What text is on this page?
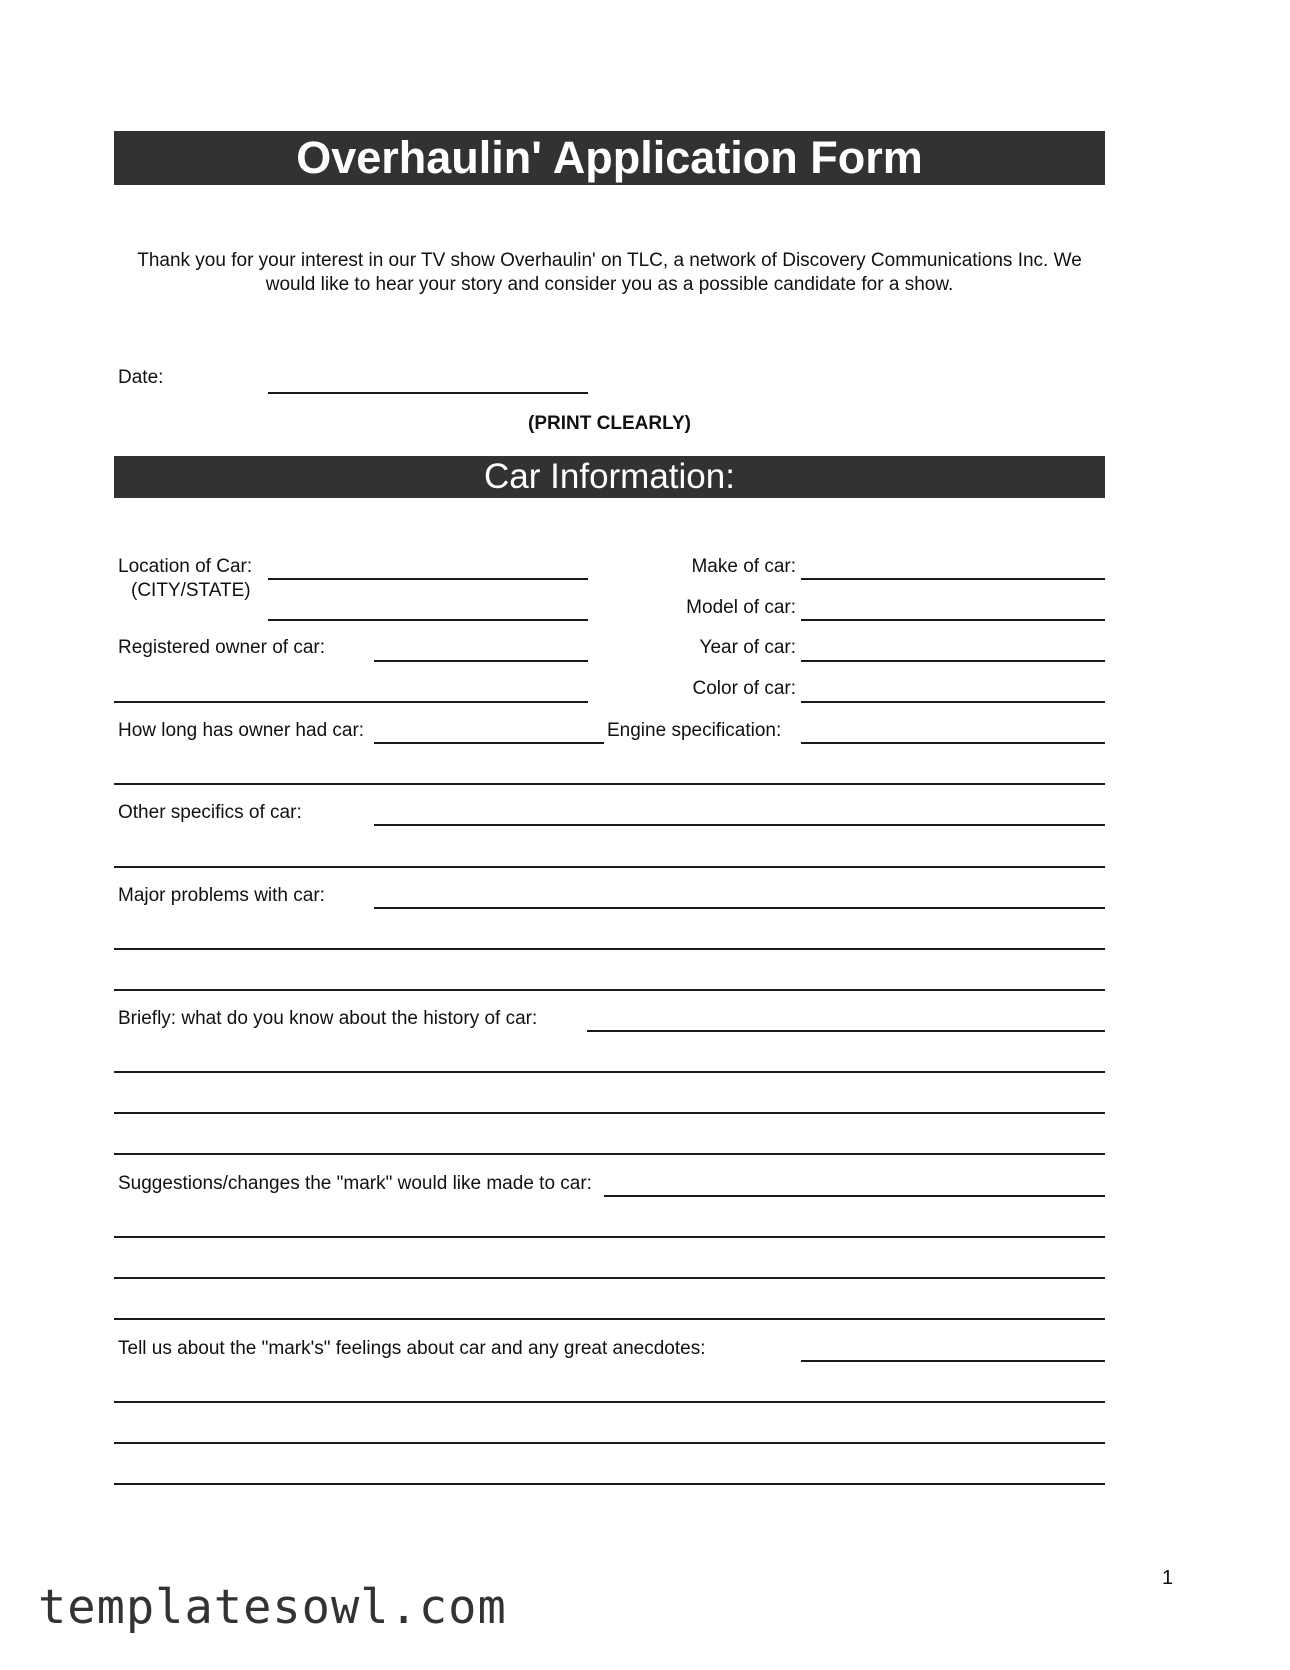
Overhaulin' Application Form
Thank you for your interest in our TV show Overhaulin' on TLC, a network of Discovery Communications Inc. We would like to hear your story and consider you as a possible candidate for a show.
Date:
(PRINT CLEARLY)
Car Information:
Location of Car:
(CITY/STATE)
Registered owner of car:
How long has owner had car:
Make of car:
Model of car:
Year of car:
Color of car:
Engine specification:
Other specifics of car:
Major problems with car:
Briefly: what do you know about the history of car:
Suggestions/changes the "mark" would like made to car:
Tell us about the "mark's" feelings about car and any great anecdotes:
1
templatesowl.com
